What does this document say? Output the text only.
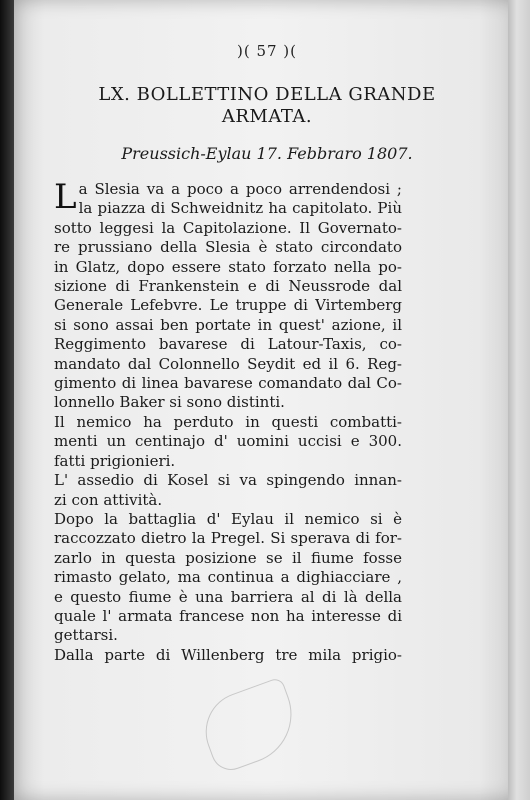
)( 57 )(
LX. BOLLETTINO DELLA GRANDE ARMATA.
Preussich-Eylau 17. Febbraro 1807.
L a Slesia va a poco a poco arrendendosi ;
la piazza di Schweidnitz ha capitolato. Più
sotto leggesi la Capitolazione. Il Governato-
re prussiano della Slesia è stato circondato
in Glatz, dopo essere stato forzato nella po-
sizione di Frankenstein e di Neussrode dal
Generale Lefebvre. Le truppe di Virtemberg
si sono assai ben portate in quest' azione, il
Reggimento bavarese di Latour-Taxis, co-
mandato dal Colonnello Seydit ed il 6. Reg-
gimento di linea bavarese comandato dal Co-
lonnello Baker si sono distinti.
Il nemico ha perduto in questi combatti-
menti un centinajo d' uomini uccisi e 300.
fatti prigionieri.
L' assedio di Kosel si va spingendo innan-
zi con attività.
Dopo la battaglia d' Eylau il nemico si è
raccozzato dietro la Pregel. Si sperava di for-
zarlo in questa posizione se il fiume fosse
rimasto gelato, ma continua a dighiacciare ,
e questo fiume è una barriera al di là della
quale l' armata francese non ha interesse di
gettarsi.
Dalla parte di Willenberg tre mila prigio-
